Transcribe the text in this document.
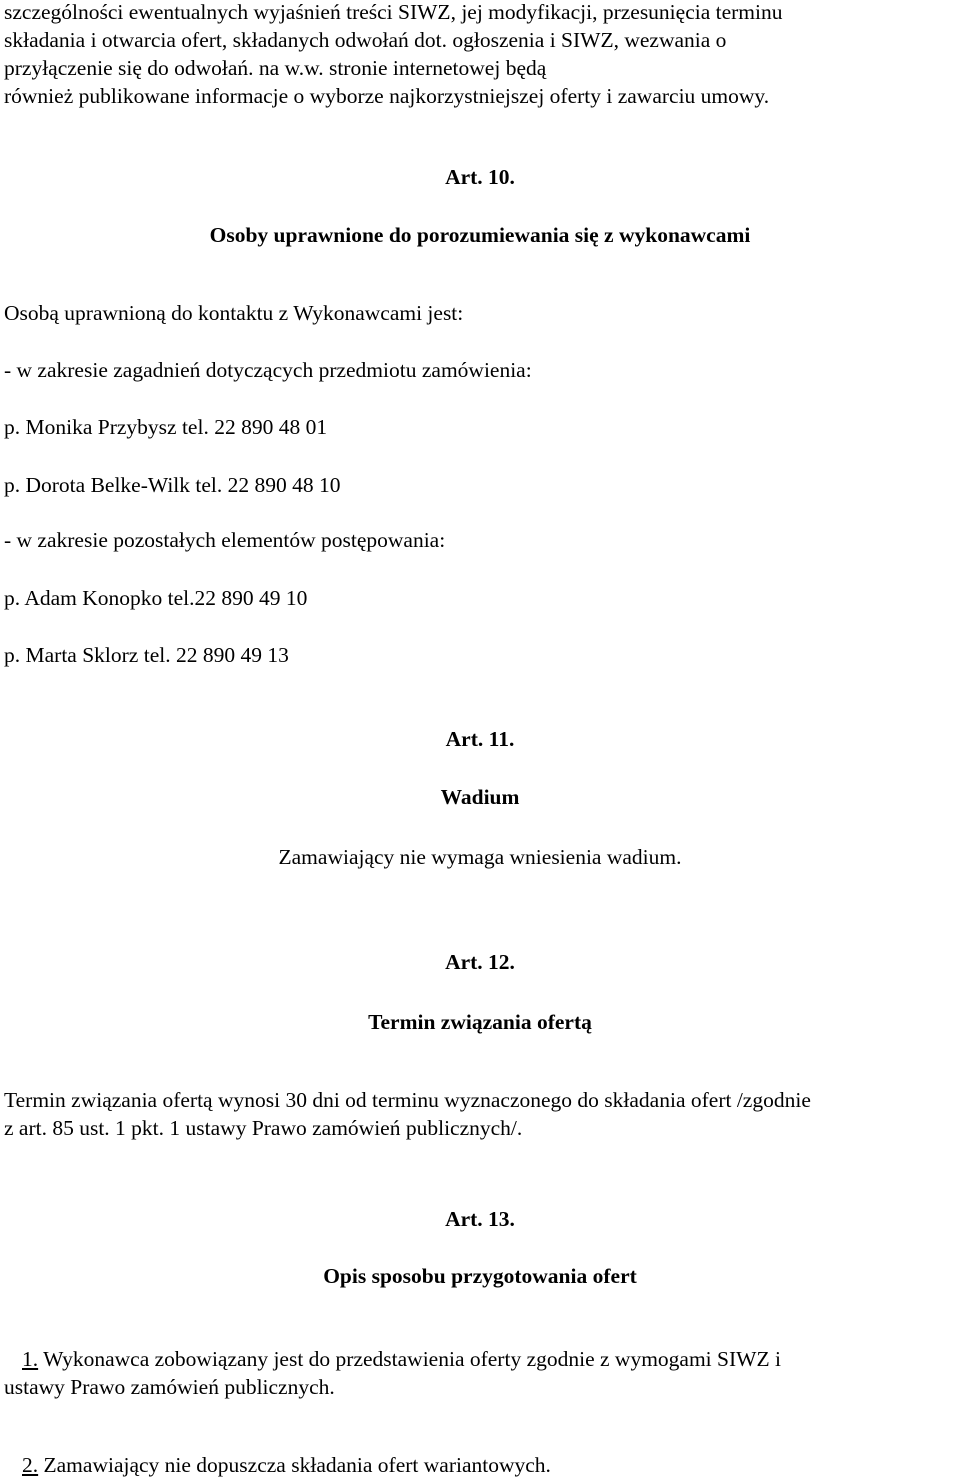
szczególności ewentualnych wyjaśnień treści SIWZ, jej modyfikacji, przesunięcia terminu
składania i otwarcia ofert, składanych odwołań dot. ogłoszenia i SIWZ, wezwania o
przyłączenie się do odwołań. na w.w. stronie internetowej będą
również publikowane informacje o wyborze najkorzystniejszej oferty i zawarciu umowy.
Art. 10.
Osoby uprawnione do porozumiewania się z wykonawcami
Osobą uprawnioną do kontaktu z Wykonawcami jest:
- w zakresie zagadnień dotyczących przedmiotu zamówienia:
p. Monika Przybysz tel. 22 890 48 01
p. Dorota Belke-Wilk tel. 22 890 48 10
- w zakresie pozostałych elementów postępowania:
p. Adam Konopko tel.22 890 49 10
p. Marta Sklorz tel. 22 890 49 13
Art. 11.
Wadium
Zamawiający nie wymaga wniesienia wadium.
Art. 12.
Termin związania ofertą
Termin związania ofertą wynosi 30 dni od terminu wyznaczonego do składania ofert /zgodnie
z art. 85 ust. 1 pkt. 1 ustawy Prawo zamówień publicznych/.
Art. 13.
Opis sposobu przygotowania ofert
1. Wykonawca zobowiązany jest do przedstawienia oferty zgodnie z wymogami SIWZ i
ustawy Prawo zamówień publicznych.
2. Zamawiający nie dopuszcza składania ofert wariantowych.
